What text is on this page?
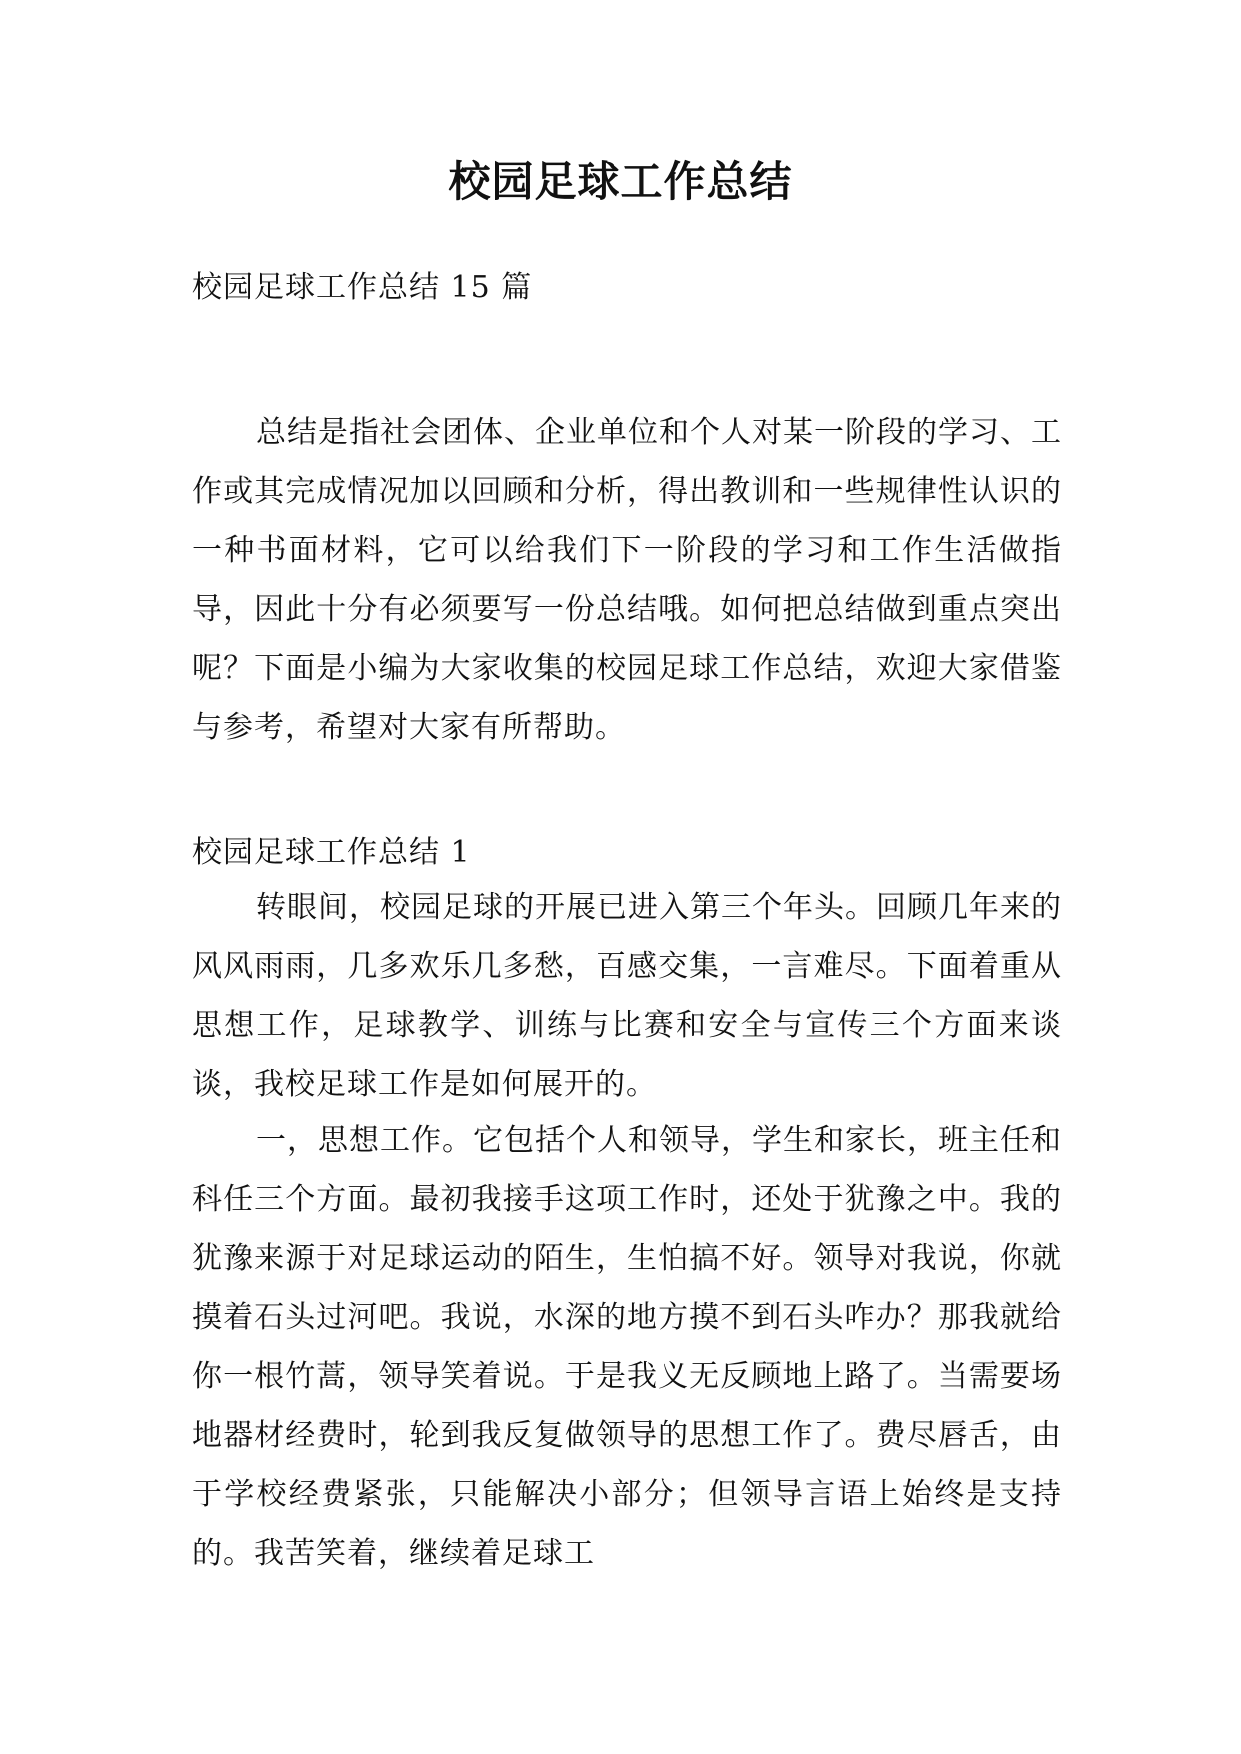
校园足球工作总结

校园足球工作总结 15 篇

总结是指社会团体、企业单位和个人对某一阶段的学习、工作或其完成情况加以回顾和分析，得出教训和一些规律性认识的一种书面材料，它可以给我们下一阶段的学习和工作生活做指导，因此十分有必须要写一份总结哦。如何把总结做到重点突出呢？下面是小编为大家收集的校园足球工作总结，欢迎大家借鉴与参考，希望对大家有所帮助。

校园足球工作总结 1

转眼间，校园足球的开展已进入第三个年头。回顾几年来的风风雨雨，几多欢乐几多愁，百感交集，一言难尽。下面着重从思想工作，足球教学、训练与比赛和安全与宣传三个方面来谈谈，我校足球工作是如何展开的。

一，思想工作。它包括个人和领导，学生和家长，班主任和科任三个方面。最初我接手这项工作时，还处于犹豫之中。我的犹豫来源于对足球运动的陌生，生怕搞不好。领导对我说，你就摸着石头过河吧。我说，水深的地方摸不到石头咋办？那我就给你一根竹蒿，领导笑着说。于是我义无反顾地上路了。当需要场地器材经费时，轮到我反复做领导的思想工作了。费尽唇舌，由于学校经费紧张，只能解决小部分；但领导言语上始终是支持的。我苦笑着，继续着足球工
